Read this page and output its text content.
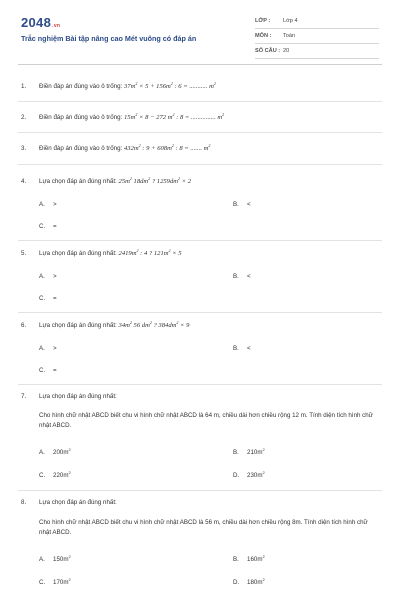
2048.vn
Trắc nghiệm Bài tập nâng cao Mét vuông có đáp án
LỚP : Lớp 4
MÔN : Toán
SỐ CÂU : 20
1. Điền đáp án đúng vào ô trống: $37m^2 \times 5 + 156m^2$ : 6 = ........... $m^2$
2. Điền đáp án đúng vào ô trống: $15m^2 \times 8 - 272$ $m^2$ : 8 = ............... $m^2$
3. Điền đáp án đúng vào ô trống: $432m^2$ : $9 + 608m^2$ : 8 = ....... $m^2$
4. Lựa chọn đáp án đúng nhất: $25m^2$ $18dm^2$ ? $1259dm^2 \times 2$
A. >	B. <
C. =
5. Lựa chọn đáp án đúng nhất: $2419m^2$ : 4 ? $121m^2 \times 5$
A. >	B. <
C. =
6. Lựa chọn đáp án đúng nhất: $34m^2$ 56 $dm^2$ ? $384dm^2 \times 9$
A. >	B. <
C. =
7. Lựa chọn đáp án đúng nhất:
Cho hình chữ nhật ABCD biết chu vi hình chữ nhật ABCD là 64 m, chiều dài hơn chiều rộng 12 m. Tính diện tích hình chữ nhật ABCD.
A. $200m^2$	B. $210m^2$
C. $220m^2$	D. $230m^2$
8. Lựa chọn đáp án đúng nhất:
Cho hình chữ nhật ABCD biết chu vi hình chữ nhật ABCD là 56 m, chiều dài hơn chiều rộng 8m. Tính diện tích hình chữ nhật ABCD.
A. $150m^2$	B. $160m^2$
C. $170m^2$	D. $180m^2$
